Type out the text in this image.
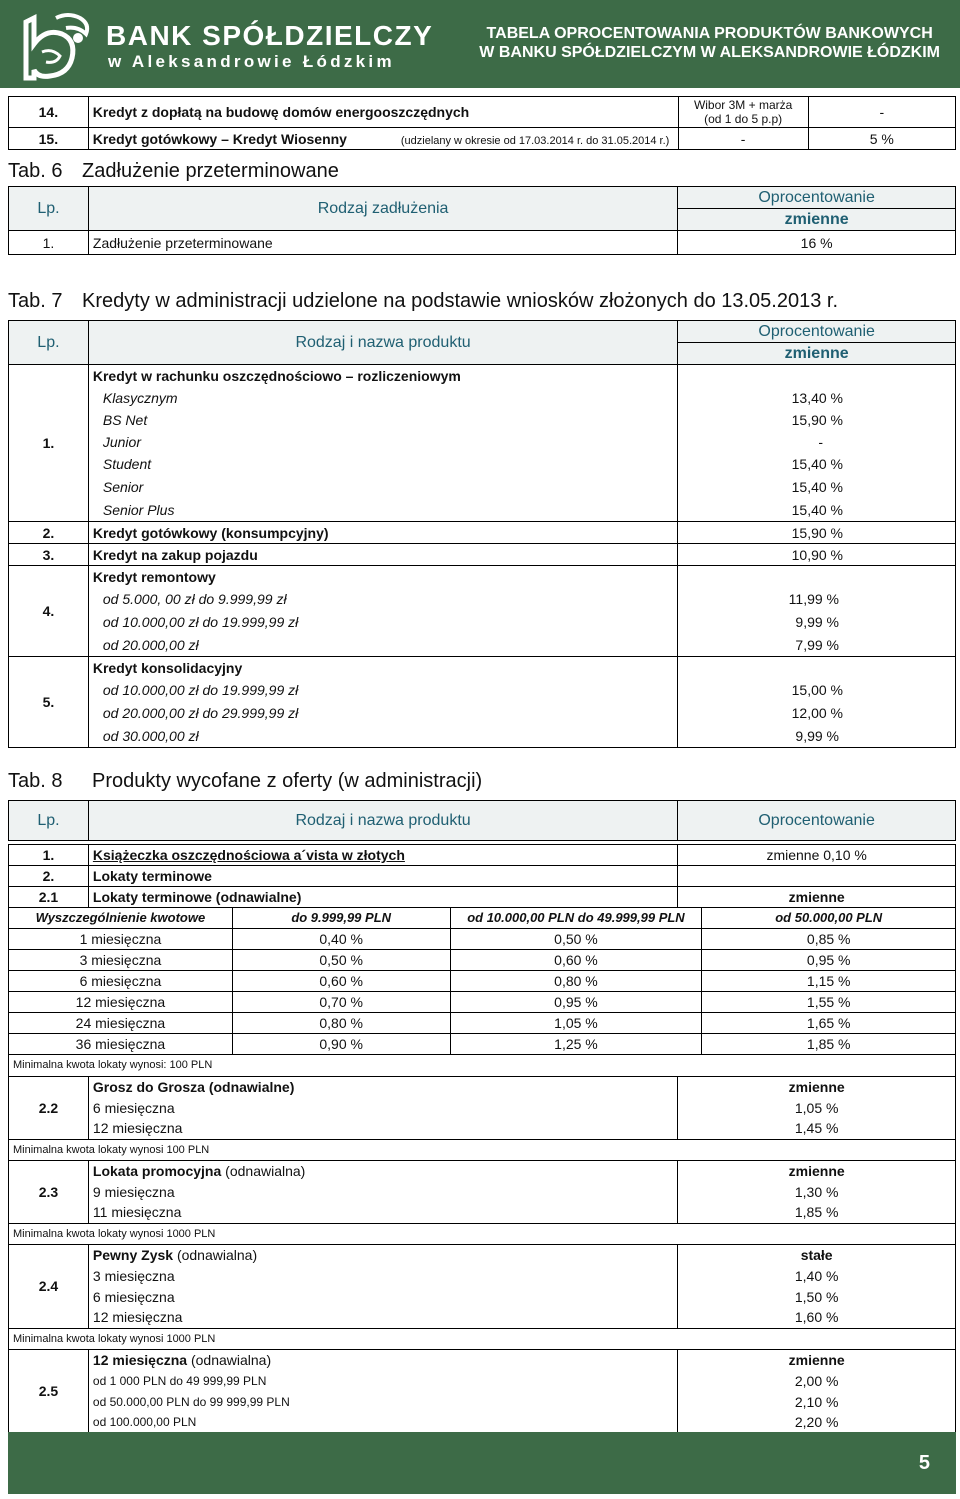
BANK SPÓŁDZIELCZY
w Aleksandrowie Łódzkim
TABELA OPROCENTOWANIA PRODUKTÓW BANKOWYCH
W BANKU SPÓŁDZIELCZYM W ALEKSANDROWIE ŁÓDZKIM
14.	Kredyt z dopłatą na budowę domów energooszczędnych	Wibor 3M + marża
(od 1 do 5 p.p)	-
15.	Kredyt gotówkowy – Kredyt Wiosenny (udzielany w okresie od 17.03.2014 r. do 31.05.2014 r.)	-	5 %
Tab. 6 Zadłużenie przeterminowane
Lp.	Rodzaj zadłużenia	Oprocentowanie
		zmienne
1.	Zadłużenie przeterminowane	16 %
Tab. 7 Kredyty w administracji udzielone na podstawie wniosków złożonych do 13.05.2013 r.
Lp.	Rodzaj i nazwa produktu	Oprocentowanie
		zmienne
1.	Kredyt w rachunku oszczędnościowo – rozliczeniowym	
	Klasycznym	13,40 %
	BS Net	15,90 %
	Junior	-
	Student	15,40 %
	Senior	15,40 %
	Senior Plus	15,40 %
2.	Kredyt gotówkowy (konsumpcyjny)	15,90 %
3.	Kredyt na zakup pojazdu	10,90 %
4.	Kredyt remontowy	
	od 5.000, 00 zł do 9.999,99 zł	11,99 %
	od 10.000,00 zł do 19.999,99 zł	9,99 %
	od 20.000,00 zł	7,99 %
5.	Kredyt konsolidacyjny	
	od 10.000,00 zł do 19.999,99 zł	15,00 %
	od 20.000,00 zł do 29.999,99 zł	12,00 %
	od 30.000,00 zł	9,99 %
Tab. 8 Produkty wycofane z oferty (w administracji)
Lp.	Rodzaj i nazwa produktu	Oprocentowanie
1.	Książeczka oszczędnościowa a´vista w złotych	zmienne 0,10 %
2.	Lokaty terminowe	
2.1	Lokaty terminowe (odnawialne)	zmienne
Wyszczególnienie kwotowe	do 9.999,99 PLN	od 10.000,00 PLN do 49.999,99 PLN	od 50.000,00 PLN
1 miesięczna	0,40 %	0,50 %	0,85 %
3 miesięczna	0,50 %	0,60 %	0,95 %
6 miesięczna	0,60 %	0,80 %	1,15 %
12 miesięczna	0,70 %	0,95 %	1,55 %
24 miesięczna	0,80 %	1,05 %	1,65 %
36 miesięczna	0,90 %	1,25 %	1,85 %
Minimalna kwota lokaty wynosi: 100 PLN		
2.2	Grosz do Grosza (odnawialne)	zmienne
	6 miesięczna	1,05 %
	12 miesięczna	1,45 %
Minimalna kwota lokaty wynosi 100 PLN		
2.3	Lokata promocyjna (odnawialna)	zmienne
	9 miesięczna	1,30 %
	11 miesięczna	1,85 %
Minimalna kwota lokaty wynosi 1000 PLN		
2.4	Pewny Zysk (odnawialna)	stałe
	3 miesięczna	1,40 %
	6 miesięczna	1,50 %
	12 miesięczna	1,60 %
Minimalna kwota lokaty wynosi 1000 PLN		
2.5	12 miesięczna (odnawialna)	zmienne
	od 1 000 PLN do 49 999,99 PLN	2,00 %
	od 50.000,00 PLN do 99 999,99 PLN	2,10 %
	od 100.000,00 PLN	2,20 %
5
